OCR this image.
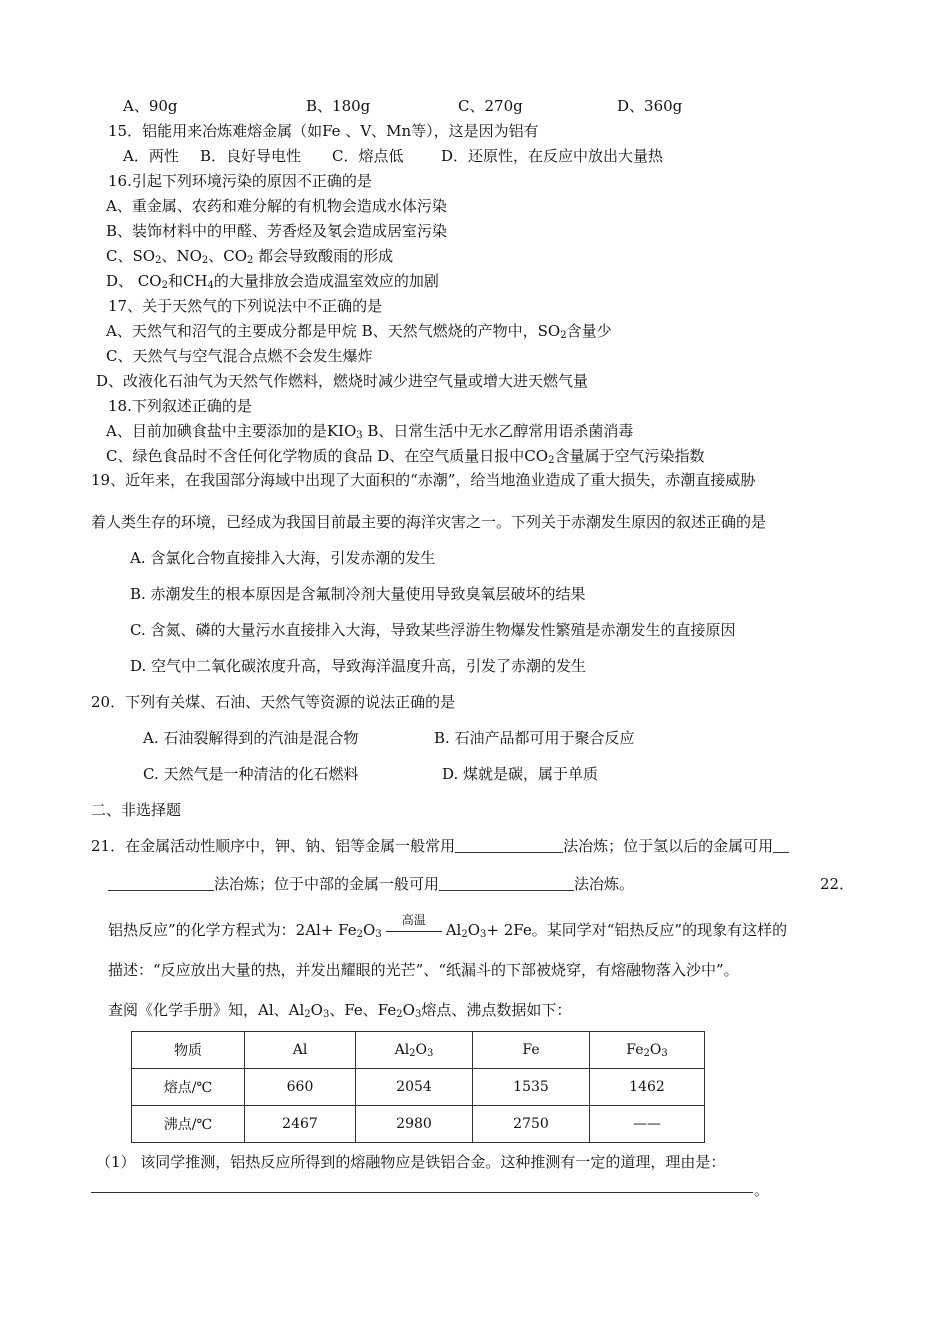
A、90g	B、180g	C、270g	D、360g
15．铝能用来冶炼难熔金属（如Fe 、V、Mn等），这是因为铝有
A．两性 B．良好导电性 C．熔点低	D．还原性，在反应中放出大量热
16.引起下列环境污染的原因不正确的是
A、重金属、农药和难分解的有机物会造成水体污染
B、装饰材料中的甲醛、芳香烃及氡会造成居室污染
C、$SO_2$、$NO_2$、$CO_2$ 都会导致酸雨的形成
D、 $CO_2$和$CH_4$的大量排放会造成温室效应的加剧
17、关于天然气的下列说法中不正确的是
A、天然气和沼气的主要成分都是甲烷 B、天然气燃烧的产物中，$SO_2$含量少
C、天然气与空气混合点燃不会发生爆炸
D、改液化石油气为天然气作燃料，燃烧时减少进空气量或增大进天燃气量
18.下列叙述正确的是
A、目前加碘食盐中主要添加的是$KIO_3$ B、日常生活中无水乙醇常用语杀菌消毒
C、绿色食品时不含任何化学物质的食品 D、在空气质量日报中$CO_2$含量属于空气污染指数
19、近年来，在我国部分海域中出现了大面积的“赤潮”，给当地渔业造成了重大损失，赤潮直接威胁
着人类生存的环境，已经成为我国目前最主要的海洋灾害之一。下列关于赤潮发生原因的叙述正确的是
A. 含氯化合物直接排入大海，引发赤潮的发生
B. 赤潮发生的根本原因是含氟制冷剂大量使用导致臭氧层破坏的结果
C. 含氮、磷的大量污水直接排入大海，导致某些浮游生物爆发性繁殖是赤潮发生的直接原因
D. 空气中二氧化碳浓度升高，导致海洋温度升高，引发了赤潮的发生
20．下列有关煤、石油、天然气等资源的说法正确的是
A. 石油裂解得到的汽油是混合物	B. 石油产品都可用于聚合反应
C. 天然气是一种清洁的化石燃料	D. 煤就是碳，属于单质
二、非选择题
21．在金属活动性顺序中，钾、钠、铝等金属一般常用	法冶炼；位于氢以后的金属可用
法冶炼；位于中部的金属一般可用	法冶炼。	22．
铝热反应”的化学方程式为：$2Al+ Fe_2O_3$
高温
$Al_2O_3+ 2Fe$。某同学对“铝热反应”的现象有这样的
描述：“反应放出大量的热，并发出耀眼的光芒”、“纸漏斗的下部被烧穿，有熔融物落入沙中”。
查阅《化学手册》知，Al、$Al_2O_3$、Fe、$Fe_2O_3$熔点、沸点数据如下：
物质	Al	$Al_2O_3$	Fe	$Fe_2O_3$
熔点/℃	660	2054	1535	1462
沸点/℃	2467	2980	2750	——
（1） 该同学推测，铝热反应所得到的熔融物应是铁铝合金。这种推测有一定的道理，理由是：
。
